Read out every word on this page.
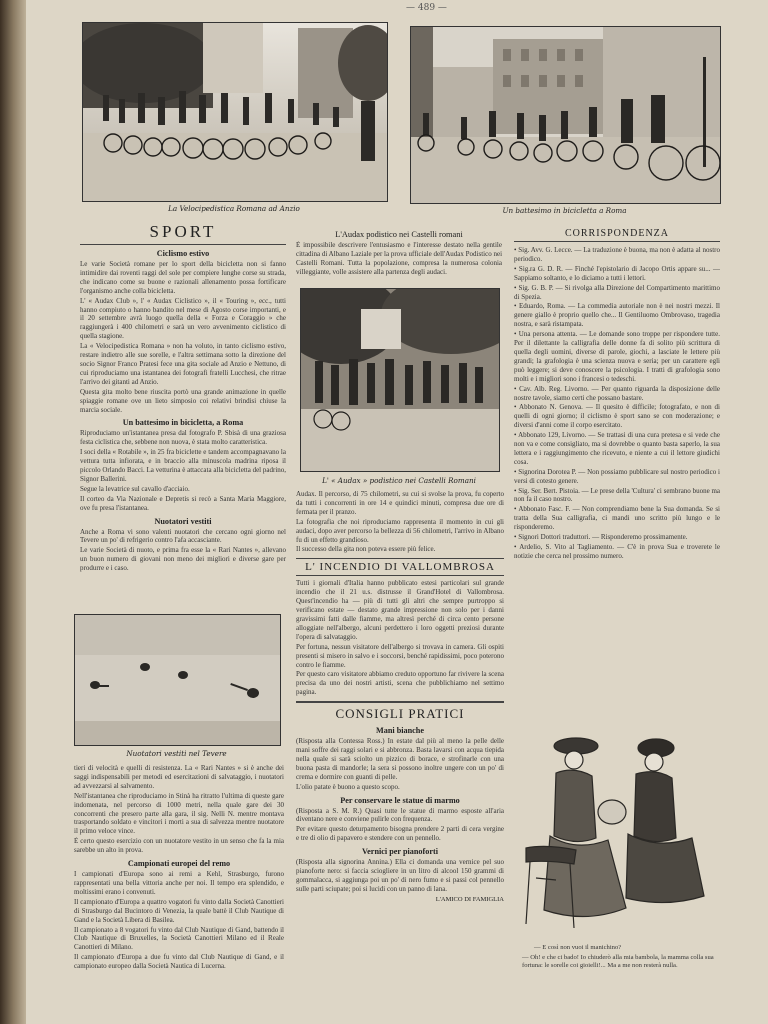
— 489 —
La Velocipedistica Romana ad Anzio	Un battesimo in bicicletta a Roma
SPORT
Ciclismo estivo

Le varie Società romane per lo sport della bicicletta non si fanno intimidire dai roventi raggi del sole per compiere lunghe corse su strada, che indicano come su buone e razionali allenamento possa fortificare l'organismo anche colla bicicletta.

L' « Audax Club », l' « Audax Ciclistico », il « Touring », ecc., tutti hanno compiuto o hanno bandito nel mese di Agosto corse importanti, e il 20 settembre avrà luogo quella della « Forza e Coraggio » che raggiungerà i 400 chilometri e sarà un vero avvenimento ciclistico di quella stagione.

La « Velocipedistica Romana » non ha voluto, in tanto ciclismo estivo, restare indietro alle sue sorelle, e l'altra settimana sotto la direzione del socio Signor Franco Pratesi fece una gita sociale ad Anzio e Nettuno, di cui riproduciamo una istantanea dei fotografi fratelli Lucchesi, che ritrae l'arrivo dei gitanti ad Anzio.

Questa gita molto bene riuscita portò una grande animazione in quelle spiaggie romane ove un lieto simposio coi relativi brindisi chiuse la marcia sociale.

Un battesimo in bicicletta, a Roma

Riproduciamo un'istantanea presa dal fotografo P. Sbisà di una graziosa festa ciclistica che, sebbene non nuova, è stata molto caratteristica.

I soci della « Rotabile », in 25 fra biciclette e tandem accompagnavano la vettura tutta infiorata, e in braccio alla minuscola madrina riposa il piccolo Orlando Bacci. La vetturina è attaccata alla bicicletta del padrino, Signor Ballerini.

Segue la levatrice sul cavallo d'acciaio.

Il corteo da Via Nazionale e Depretis si recò a Santa Maria Maggiore, ove fu presa l'istantanea.

Nuotatori vestiti

Anche a Roma vi sono valenti nuotatori che cercano ogni giorno nel Tevere un po' di refrigerio contro l'afa accasciante.

Le varie Società di nuoto, e prima fra esse la « Rari Nantes », allevano un buon numero di giovani non meno dei migliori e diverse gare per produrre e i caso.

Nuotatori vestiti nel Tevere

tieri di velocità e quelli di resistenza. La « Rari Nantes » si è anche dei saggi indispensabili per metodi ed esercitazioni di salvataggio, i nuotatori ad avvezzarsi al salvamento.

Nell'istantanea che riproduciamo in Stinà ha ritratto l'ultima di queste gare indomenata, nel percorso di 1000 metri, nella quale gare dei 30 concorrenti che presero parte alla gara, il sig. Nelli N. mentre montava trasportando soldato e vincitori i morti a sua di salvezza mentre nuotatore il primo veloce vince.

È certo questo esercizio con un nuotatore vestito in un senso che fa la mia sarebbe un alto in prova.

Campionati europei del remo

I campionati d'Europa sono ai remi a Kehl, Strasburgo, furono rappresentati una bella vittoria anche per noi. Il tempo era splendido, e moltissimi erano i convenuti.

Il campionato d'Europa a quattro vogatori fu vinto dalla Società Canottieri di Strasburgo dal Bucintoro di Venezia, la quale battè il Club Nautique di Gand e la Società Libera di Basilea.

Il campionato a 8 vogatori fu vinto dal Club Nautique di Gand, battendo il Club Nautique di Bruxelles, la Società Canottieri Milano ed il Reale Canottieri di Milano.

Il campionato d'Europa a due fu vinto dal Club Nautique di Gand, e il campionato europeo dalla Società Nautica di Lucerna.

L'Audax podistico nei Castelli romani

È impossibile descrivere l'entusiasmo e l'interesse destato nella gentile cittadina di Albano Laziale per la prova ufficiale dell'Audax Podistico nei Castelli Romani. Tutta la popolazione, compresa la numerosa colonia villeggiante, volle assistere alla partenza degli audaci.

L' « Audax » podistico nei Castelli Romani

Audax. Il percorso, di 75 chilometri, su cui si svolse la prova, fu coperto da tutti i concorrenti in ore 14 e quindici minuti, compresa due ore di fermata per il pranzo.

La fotografia che noi riproduciamo rappresenta il momento in cui gli audaci, dopo aver percorso la bellezza di 56 chilometri, l'arrivo in Albano fu di un effetto grandioso.

Il successo della gita non poteva essere più felice.

L' INCENDIO DI VALLOMBROSA

Tutti i giornali d'Italia hanno pubblicato estesi particolari sul grande incendio che il 21 u.s. distrusse il Grand'Hotel di Vallombrosa. Quest'incendio ha — più di tutti gli altri che sempre purtroppo si verificano estate — destato grande impressione non solo per i danni gravissimi fatti dalle fiamme, ma altresì perché di circa cento persone alloggiate nell'albergo, alcuni perdettero i loro oggetti preziosi durante l'opera di salvataggio.

Per fortuna, nessun visitatore dell'albergo si trovava in camera. Gli ospiti presenti si misero in salvo e i soccorsi, benché rapidissimi, poco poterono contro le fiamme.

Per questo caro visitatore abbiamo creduto opportuno far rivivere la scena precisa da uno dei nostri artisti, scena che pubblichiamo nel settimo pagina.

CONSIGLI PRATICI
Mani bianche

(Risposta alla Contessa Ross.) In estate dal più al meno la pelle delle mani soffre dei raggi solari e si abbronza. Basta lavarsi con acqua tiepida nella quale si sarà sciolto un pizzico di borace, e strofinarle con una buona pasta di mandorle; la sera si possono inoltre ungere con un po' di crema e dormire con guanti di pelle.

L'olio patate è buono a questo scopo.

Per conservare le statue di marmo

(Risposta a S. M. R.) Quasi tutte le statue di marmo esposte all'aria diventano nere e conviene pulirle con frequenza.

Per evitare questo deturpamento bisogna prendere 2 parti di cera vergine e tre di olio di papavero e stendere con un pennello.

Vernici per pianoforti

(Risposta alla signorina Annina.) Ella ci domanda una vernice pel suo pianoforte nero: si faccia sciogliere in un litro di alcool 150 grammi di gommalacca, si aggiunga poi un po' di nero fumo e si passi col pennello sulle parti sciupate; poi si lucidi con un panno di lana.

L'AMICO DI FAMIGLIA
CORRISPONDENZA

• Sig. Avv. G. Lecce. — La traduzione è buona, ma non è adatta al nostro periodico.

• Sig.ra G. D. R. — Finché l'epistolario di Jacopo Ortis appare su... — Sappiamo soltanto, e lo diciamo a tutti i lettori.

• Sig. G. B. P. — Si rivolga alla Direzione del Compartimento marittimo di Spezia.

• Eduardo, Roma. — La commedia autoriale non è nei nostri mezzi. Il genere giallo è proprio quello che... Il Gentiluomo Ombrovaso, tragedia nostra, e sarà ristampata.

• Una persona attenta. — Le domande sono troppe per rispondere tutte. Per il dilettante la calligrafia delle donne fa di solito più scrittura di quella degli uomini, diverse di parole, giochi, a lasciate le lettere più grandi; la grafologia è una scienza nuova e seria; per un carattere egli può leggere; si deve conoscere la psicologia. I tratti di grafologia sono molti e i migliori sono i francesi o tedeschi.

• Cav. Alb. Reg. Livorno. — Per quanto riguarda la disposizione delle nostre tavole, siamo certi che possano bastare.

• Abbonato N. Genova. — Il quesito è difficile; fotografato, e non di quelli di ogni giorno; il ciclismo è sport sano se con moderazione; e diversi d'anni come il corpo esercitato.

• Abbonato 129, Livorno. — Se trattasi di una cura pretesa e si vede che non va e come consigliato, ma si dovrebbe o quanto basta saperlo, la sua lettera e i raggiungimento che ricevuto, e niente a cui il lettore giudichi cosa.

• Signorina Dorotea P. — Non possiamo pubblicare sul nostro periodico i versi di cotesto genere.

• Sig. Ser. Bert. Pistoia. — Le prese della 'Cultura' ci sembrano buone ma non fa il caso nostro.

• Abbonato Fasc. F. — Non comprendiamo bene la Sua domanda. Se si tratta della Sua calligrafia, ci mandi uno scritto più lungo e le risponderemo.

• Signori Dottori traduttori. — Risponderemo prossimamente.

• Ardelio, S. Vito al Tagliamento. — C'è in prova Sua e troverete le notizie che cerca nel prossimo numero.

— E così non vuoi il manichino?
— Oh! e che ci bado! Io chiuderò alla mia bambola, la mamma colla sua fortuna: le sorelle coi gioielli!... Ma a me non resterà nulla.
